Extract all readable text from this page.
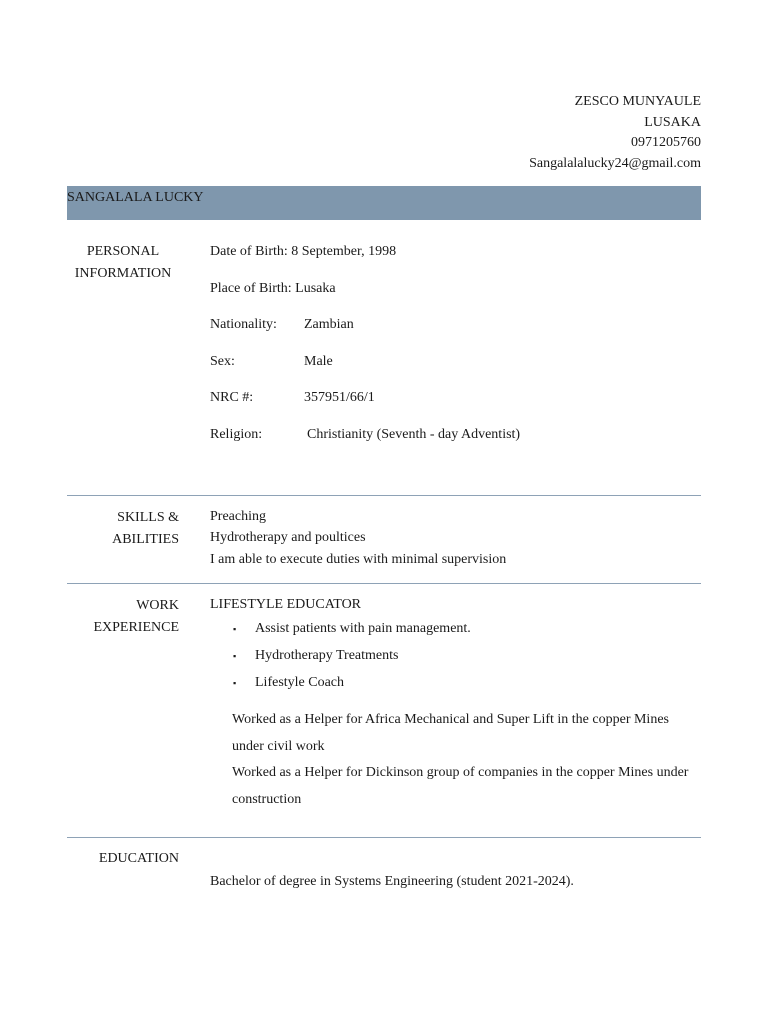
ZESCO MUNYAULE
LUSAKA
0971205760
Sangalalalucky24@gmail.com
SANGALALA LUCKY
PERSONAL
INFORMATION
Date of Birth: 8 September, 1998
Place of Birth: Lusaka
Nationality: Zambian
Sex:	Male
NRC #:	357951/66/1
Religion:	Christianity (Seventh - day Adventist)
SKILLS &
ABILITIES
Preaching
Hydrotherapy and poultices
I am able to execute duties with minimal supervision
WORK
EXPERIENCE
LIFESTYLE EDUCATOR
▪ Assist patients with pain management.
▪ Hydrotherapy Treatments
▪ Lifestyle Coach
Worked as a Helper for Africa Mechanical and Super Lift in the copper Mines under civil work
Worked as a Helper for Dickinson group of companies in the copper Mines under construction
EDUCATION
Bachelor of degree in Systems Engineering (student 2021-2024).
